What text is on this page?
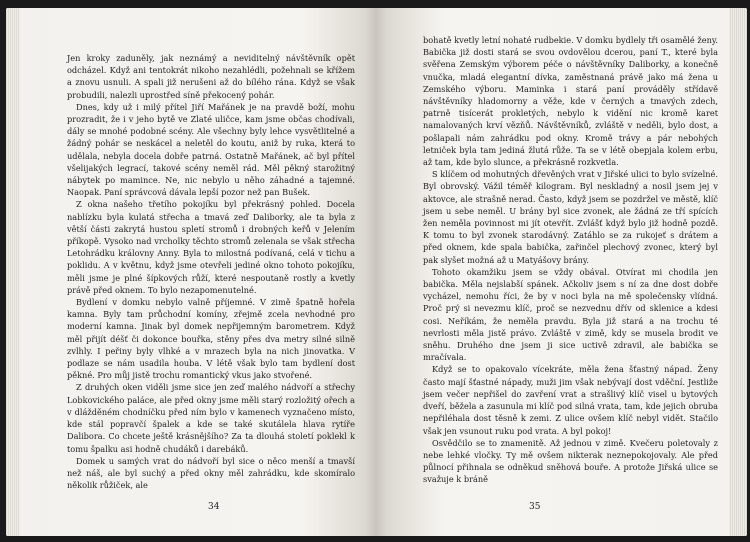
Jen kroky zaduněly, jak neznámý a neviditelný návštěvník opět odcházel. Když ani tentokrát nikoho nezahlédli, požehnali se křížem a znovu usnuli. A spali již nerušeni až do bílého rána. Když se však probudili, nalezli uprostřed síně překocený pohár.

Dnes, kdy už i milý přítel Jiří Mařánek je na pravdě boží, mohu prozradit, že i v jeho bytě ve Zlaté uličce, kam jsme občas chodívali, dály se mnohé podobné scény. Ale všechny byly lehce vysvětlitelné a žádný pohár se neskácel a neletěl do koutu, aniž by ruka, která to udělala, nebyla docela dobře patrná. Ostatně Mařánek, ač byl přítel všelijakých legrací, takové scény neměl rád. Měl pěkný starožitný nábytek po mamince. Ne, nic nebylo u něho záhadné a tajemné. Naopak. Paní správcová dávala lepší pozor než pan Bušek.

Z okna našeho třetího pokojíku byl překrásný pohled. Docela nablízku byla kulatá střecha a tmavá zeď Daliborky, ale ta byla z větší části zakrytá hustou spletí stromů i drobných keřů v Jelením příkopě. Vysoko nad vrcholky těchto stromů zelenala se však střecha Letohrádku královny Anny. Byla to milostná podívaná, celá v tichu a poklidu. A v květnu, když jsme otevřeli jediné okno tohoto pokojíku, měli jsme je plné šípkových růží, které nespoutaně rostly a kvetly právě před oknem. To bylo nezapomenutelné.

Bydlení v domku nebylo valně příjemné. V zimě špatně hořela kamna. Byly tam průchodní komíny, zřejmě zcela nevhodné pro moderní kamna. Jinak byl domek nepřijemným barometrem. Když měl přijít déšť či dokonce bouřka, stěny přes dva metry silné silně zvlhly. I peřiny byly vlhké a v mrazech byla na nich jinovatka. V podlaze se nám usadila houba. V létě však bylo tam bydlení dost pěkné. Pro můj jistě trochu romantický vkus jako stvořené.

Z druhých oken viděli jsme sice jen zeď malého nádvoří a střechy Lobkovického paláce, ale před okny jsme měli starý rozložitý ořech a v dlážděném chodníčku před ním bylo v kamenech vyznačeno místo, kde stál popravčí špalek a kde se také skutálela hlava rytíře Dalibora. Co chcete ještě krásnějšího? Za ta dlouhá století poklekl k tomu špalku asi hodně chudáků i darebáků.

Domek u samých vrat do nádvoří byl sice o něco menší a tmavší než náš, ale byl suchý a před okny měl zahrádku, kde skomíralo několik růžiček, ale

34

bohatě kvetly letní nohaté rudbekie. V domku bydlely tři osamělé ženy. Babička již dosti stará se svou ovdovělou dcerou, paní T., které byla svěřena Zemským výborem péče o návštěvníky Daliborky, a konečně vnučka, mladá elegantní dívka, zaměstnaná právě jako má žena u Zemského výboru. Maminka i stará paní prováděly střídavě návštěvníky hladomorny a věže, kde v černých a tmavých zdech, patrně tisícerát prokletých, nebylo k vidění nic kromě karet namalovaných krví vězňů. Návštěvníků, zvláště v neděli, bylo dost, a pošlapali nám zahrádku pod okny. Kromě trávy a pár nebohých letniček byla tam jediná žlutá růže. Ta se v létě obepjala kolem erbu, až tam, kde bylo slunce, a překrásně rozkvetla.

S klíčem od mohutných dřevěných vrat v Jiřské ulici to bylo svízelné. Byl obrovský. Vážil téměř kilogram. Byl neskladný a nosil jsem jej v aktovce, ale strašně nerad. Často, když jsem se pozdržel ve městě, klíč jsem u sebe neměl. U brány byl sice zvonek, ale žádná ze tří spících žen neměla povinnost mi jít otevřít. Zvlášť když bylo již hodně pozdě. K tomu to byl zvonek starodávný. Zatáhlo se za rukojeť s drátem a před oknem, kde spala babička, zařinčel plechový zvonec, který byl pak slyšet možná až u Matyášovy brány.

Tohoto okamžiku jsem se vždy obával. Otvírat mi chodila jen babička. Měla nejslabší spánek. Ačkoliv jsem s ní za dne dost dobře vycházel, nemohu říci, že by v noci byla na mě společensky vlídná. Proč prý si nevezmu klíč, proč se nezvednu dřív od sklenice a kdesi cosi. Neříkám, že neměla pravdu. Byla již stará a na trochu té nevrlosti měla jistě právo. Zvláště v zimě, kdy se musela brodit ve sněhu. Druhého dne jsem ji sice uctivě zdravil, ale babička se mračívala.

Když se to opakovalo vícekráte, měla žena šťastný nápad. Ženy často mají šťastné nápady, muži jim však nebývají dost vděční. Jestliže jsem večer nepřišel do zavření vrat a strašlivý klíč visel u bytových dveří, běžela a zasunula mi klíč pod silná vrata, tam, kde jejich obruba nepřiléhala dost těsně k zemi. Z ulice ovšem klíč nebyl vidět. Stačilo však jen vsunout ruku pod vrata. A byl pokoj!

Osvědčilo se to znamenitě. Až jednou v zimě. Kvečeru poletovaly z nebe lehké vločky. Ty mě ovšem nikterak neznepokojovaly. Ale před půlnocí přihnala se odněkud sněhová bouře. A protože Jiřská ulice se svažuje k bráně

35
